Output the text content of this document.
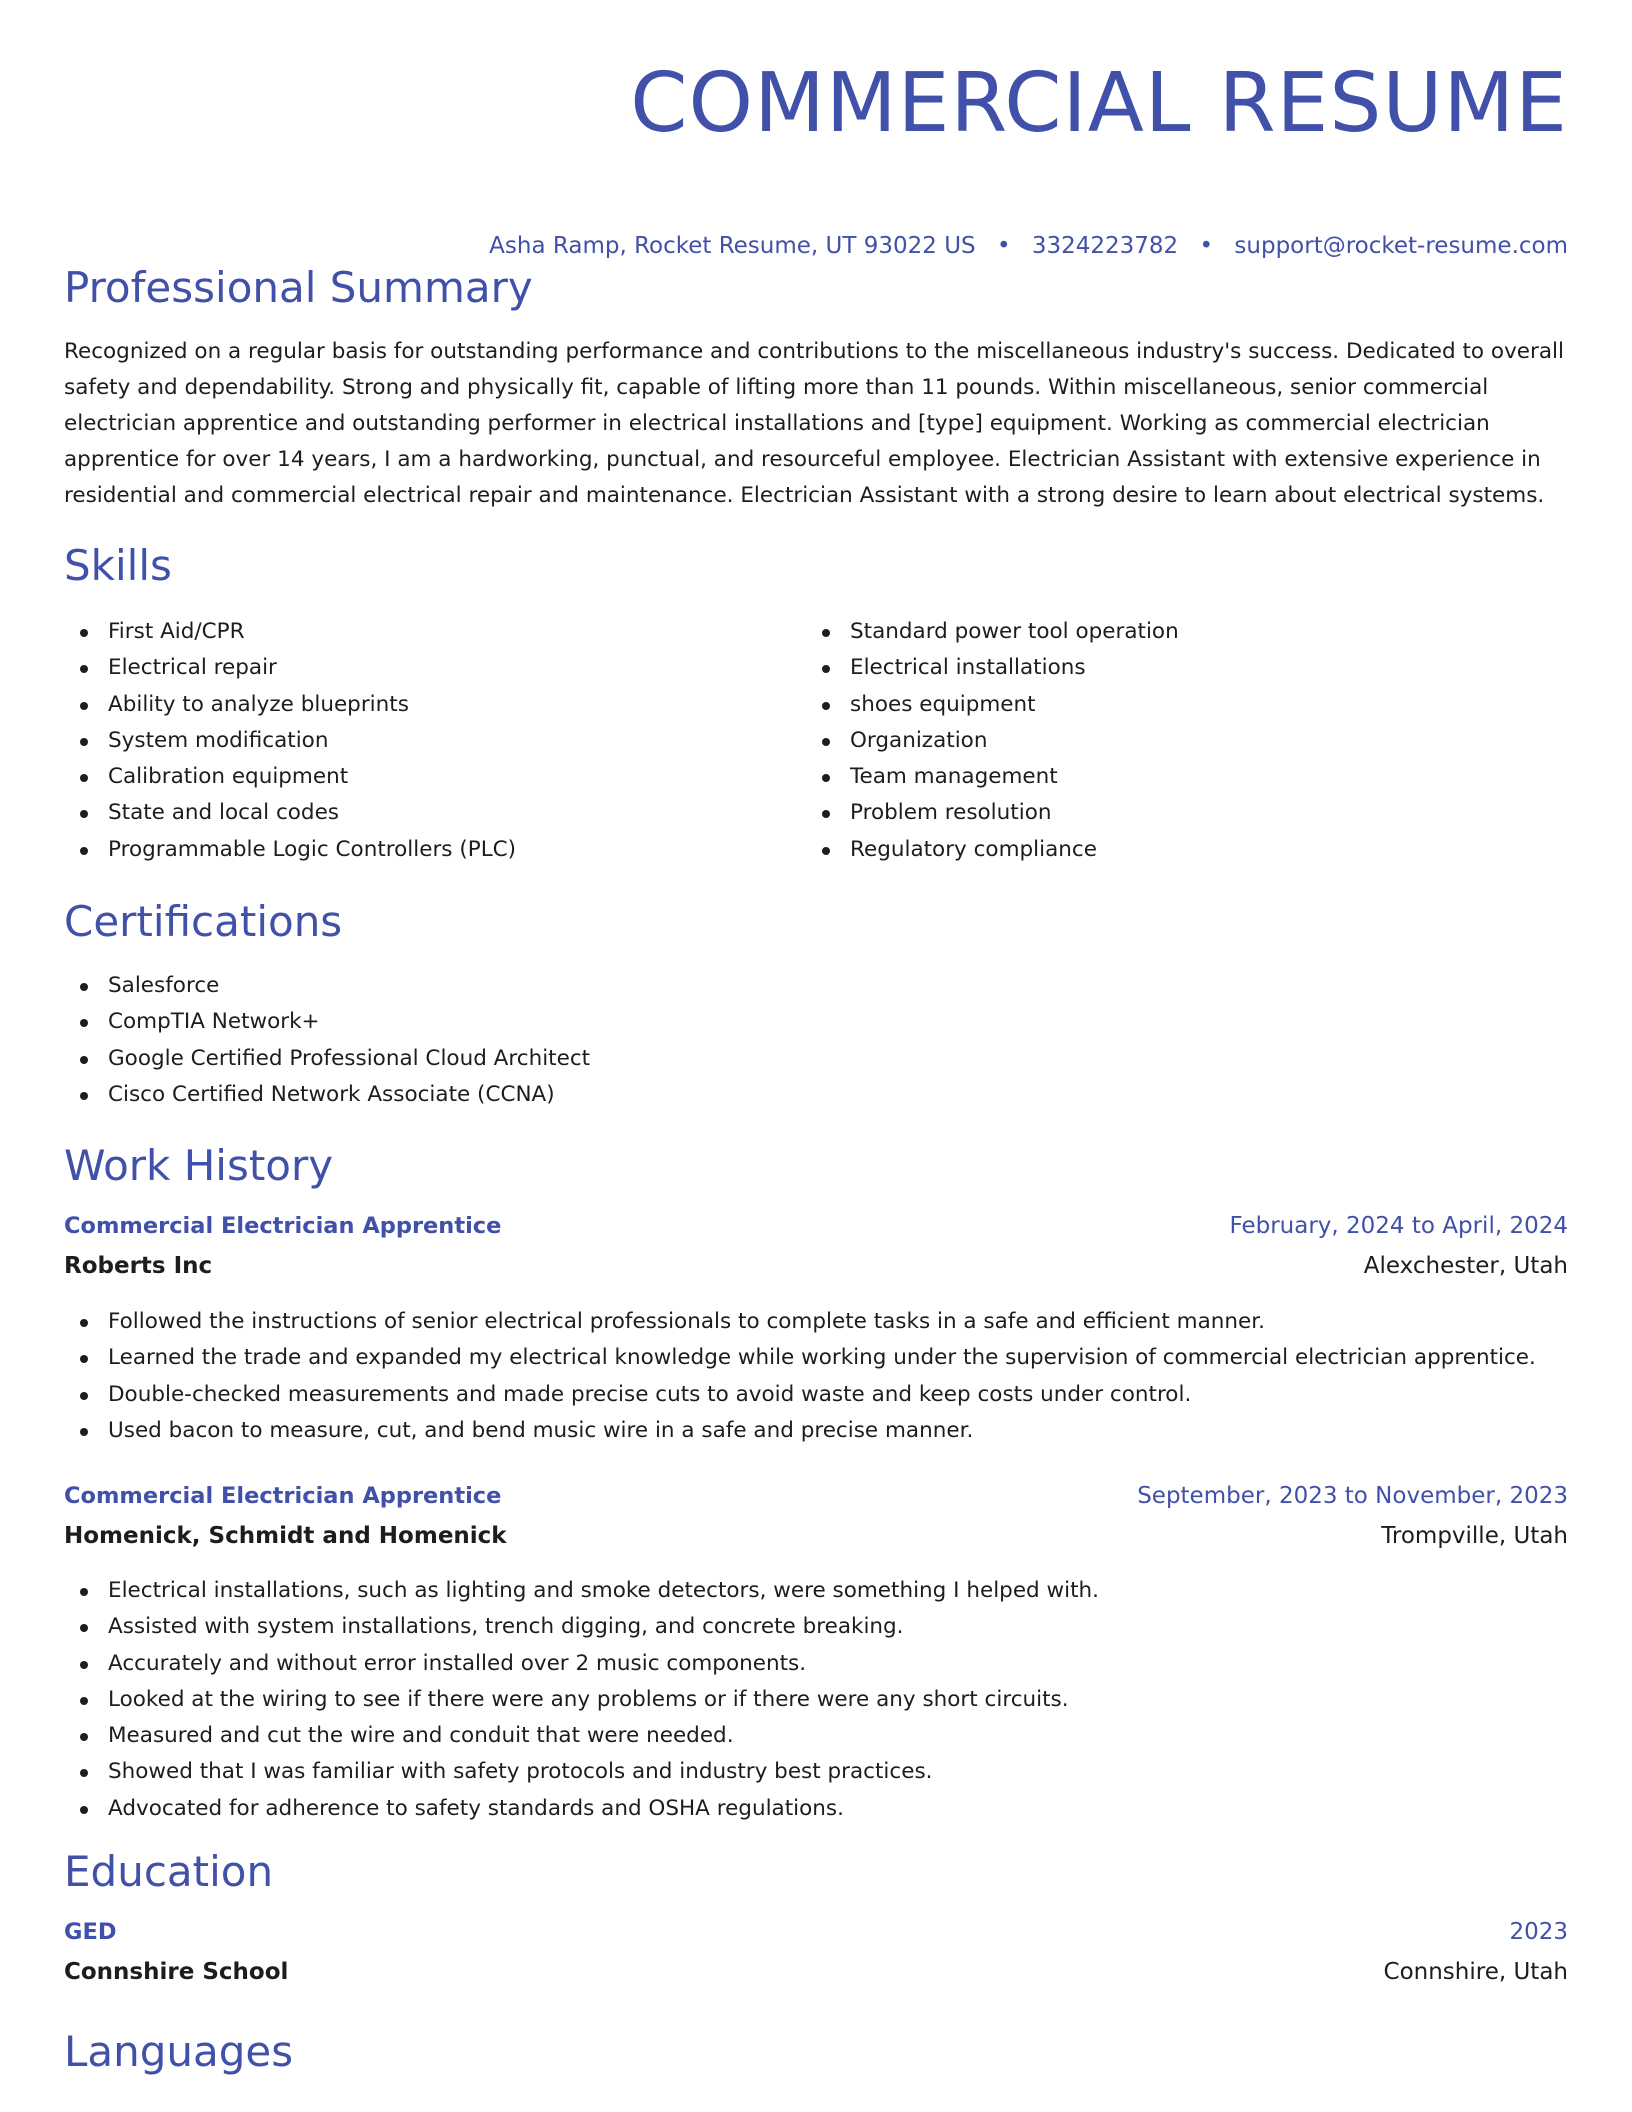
COMMERCIAL RESUME
Asha Ramp, Rocket Resume, UT 93022 US • 3324223782 • support@rocket-resume.com
Professional Summary

Recognized on a regular basis for outstanding performance and contributions to the miscellaneous industry's success. Dedicated to overall safety and dependability. Strong and physically fit, capable of lifting more than 11 pounds. Within miscellaneous, senior commercial electrician apprentice and outstanding performer in electrical installations and [type] equipment. Working as commercial electrician apprentice for over 14 years, I am a hardworking, punctual, and resourceful employee. Electrician Assistant with extensive experience in residential and commercial electrical repair and maintenance. Electrician Assistant with a strong desire to learn about electrical systems.

Skills
First Aid/CPR
Electrical repair
Ability to analyze blueprints
System modification
Calibration equipment
State and local codes
Programmable Logic Controllers (PLC)
Standard power tool operation
Electrical installations
shoes equipment
Organization
Team management
Problem resolution
Regulatory compliance
Certifications
Salesforce
CompTIA Network+
Google Certified Professional Cloud Architect
Cisco Certified Network Associate (CCNA)
Work History
Commercial Electrician Apprentice	February, 2024 to April, 2024
Roberts Inc	Alexchester, Utah
Followed the instructions of senior electrical professionals to complete tasks in a safe and efficient manner.
Learned the trade and expanded my electrical knowledge while working under the supervision of commercial electrician apprentice.
Double-checked measurements and made precise cuts to avoid waste and keep costs under control.
Used bacon to measure, cut, and bend music wire in a safe and precise manner.
Commercial Electrician Apprentice	September, 2023 to November, 2023
Homenick, Schmidt and Homenick	Trompville, Utah
Electrical installations, such as lighting and smoke detectors, were something I helped with.
Assisted with system installations, trench digging, and concrete breaking.
Accurately and without error installed over 2 music components.
Looked at the wiring to see if there were any problems or if there were any short circuits.
Measured and cut the wire and conduit that were needed.
Showed that I was familiar with safety protocols and industry best practices.
Advocated for adherence to safety standards and OSHA regulations.
Education
GED	2023
Connshire School	Connshire, Utah
Languages
